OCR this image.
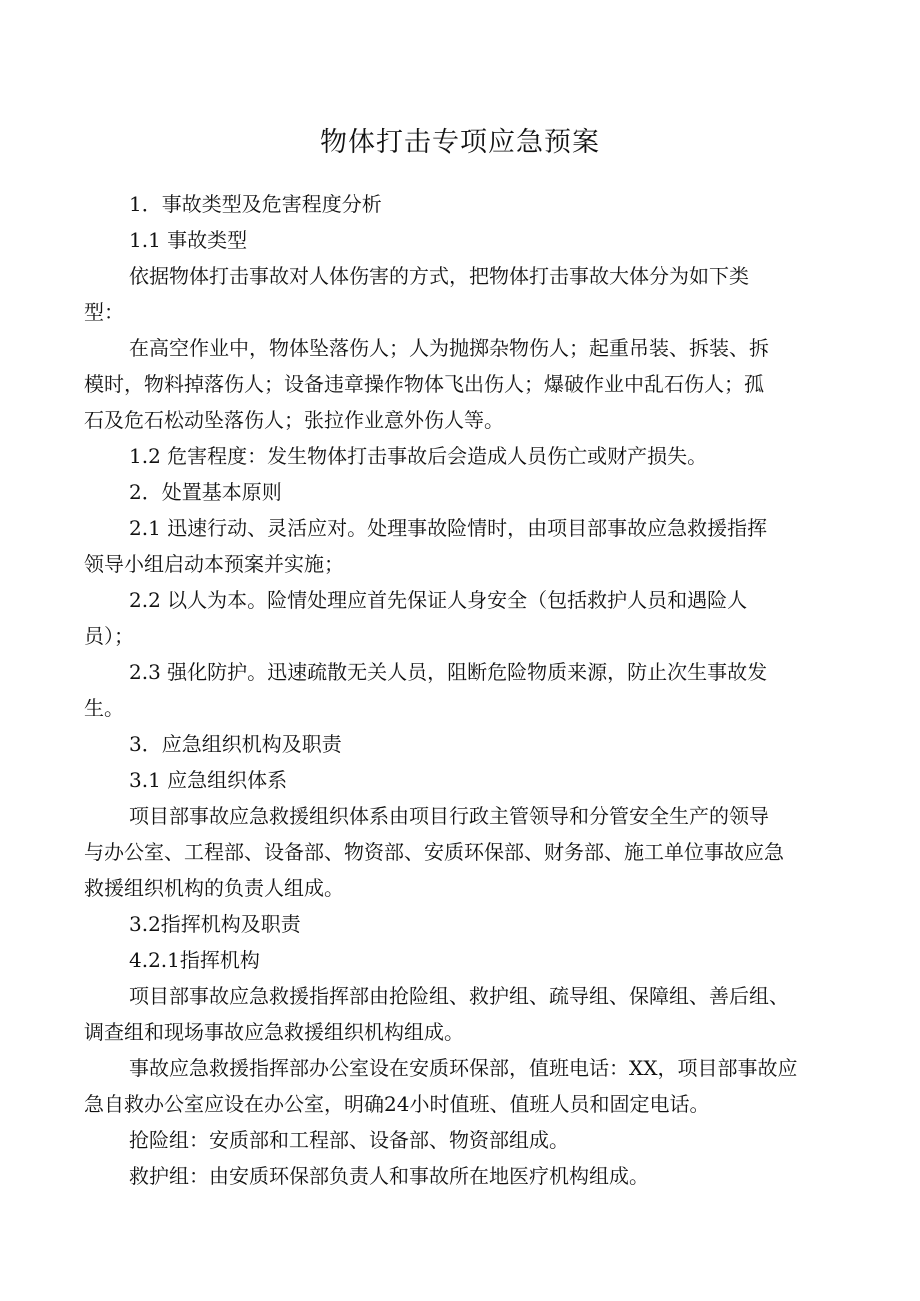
物体打击专项应急预案
1．事故类型及危害程度分析
1.1 事故类型
依据物体打击事故对人体伤害的方式，把物体打击事故大体分为如下类
型：
在高空作业中，物体坠落伤人；人为抛掷杂物伤人；起重吊装、拆装、拆
模时，物料掉落伤人；设备违章操作物体飞出伤人；爆破作业中乱石伤人；孤
石及危石松动坠落伤人；张拉作业意外伤人等。
1.2 危害程度：发生物体打击事故后会造成人员伤亡或财产损失。
2．处置基本原则
2.1 迅速行动、灵活应对。处理事故险情时，由项目部事故应急救援指挥
领导小组启动本预案并实施；
2.2 以人为本。险情处理应首先保证人身安全（包括救护人员和遇险人
员）；
2.3 强化防护。迅速疏散无关人员，阻断危险物质来源，防止次生事故发
生。
3．应急组织机构及职责
3.1 应急组织体系
项目部事故应急救援组织体系由项目行政主管领导和分管安全生产的领导
与办公室、工程部、设备部、物资部、安质环保部、财务部、施工单位事故应急
救援组织机构的负责人组成。
3.2指挥机构及职责
4.2.1指挥机构
项目部事故应急救援指挥部由抢险组、救护组、疏导组、保障组、善后组、
调查组和现场事故应急救援组织机构组成。
事故应急救援指挥部办公室设在安质环保部，值班电话：XX，项目部事故应
急自救办公室应设在办公室，明确24小时值班、值班人员和固定电话。
抢险组：安质部和工程部、设备部、物资部组成。
救护组：由安质环保部负责人和事故所在地医疗机构组成。
